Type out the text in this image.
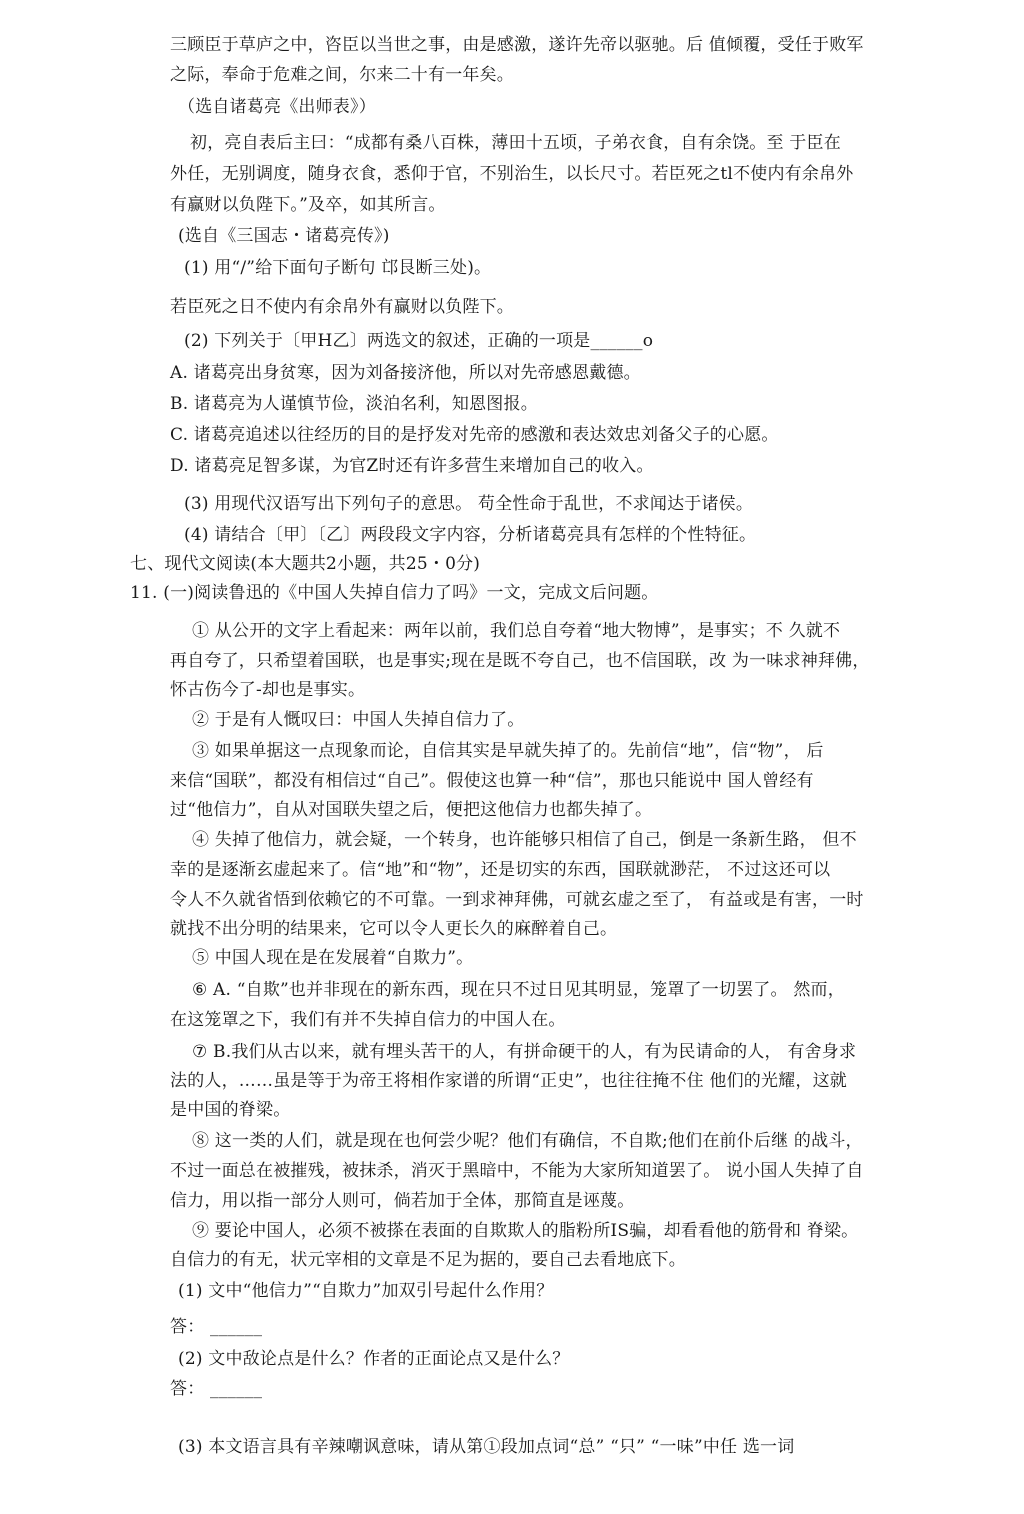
三顾臣于草庐之中，咨臣以当世之事，由是感激，遂许先帝以驱驰。后 值倾覆，受任于败军
之际，奉命于危难之间，尔来二十有一年矣。
（选自诸葛亮《出师表》）
初，亮自表后主曰：“成都有桑八百株，薄田十五顷，子弟衣食，自有余饶。至 于臣在
外任，无别调度，随身衣食，悉仰于官，不别治生，以长尺寸。若臣死之tl不使内有余帛外
有赢财以负陛下。”及卒，如其所言。
(选自《三国志・诸葛亮传》)
(1) 用“/”给下面句子断句 邙艮断三处)。
若臣死之日不使内有余帛外有赢财以负陛下。
(2) 下列关于〔甲H乙〕两选文的叙述，正确的一项是______o
A. 诸葛亮出身贫寒，因为刘备接济他，所以对先帝感恩戴德。
B. 诸葛亮为人谨慎节俭，淡泊名利，知恩图报。
C. 诸葛亮追述以往经历的目的是抒发对先帝的感激和表达效忠刘备父子的心愿。
D. 诸葛亮足智多谋，为官Z时还有许多营生来增加自己的收入。
(3) 用现代汉语写出下列句子的意思。 苟全性命于乱世，不求闻达于诸侯。
(4) 请结合〔甲〕〔乙〕两段段文字内容，分析诸葛亮具有怎样的个性特征。
七、现代文阅读(本大题共2小题，共25・0分)
11. (一)阅读鲁迅的《中国人失掉自信力了吗》一文，完成文后问题。
① 从公开的文字上看起来：两年以前，我们总自夸着“地大物博”，是事实；不 久就不
再自夸了，只希望着国联，也是事实;现在是既不夸自己，也不信国联，改 为一味求神拜佛，
怀古伤今了-却也是事实。
② 于是有人慨叹曰：中国人失掉自信力了。
③ 如果单据这一点现象而论，自信其实是早就失掉了的。先前信“地”，信“物”， 后
来信“国联”，都没有相信过“自己”。假使这也算一种“信”，那也只能说中 国人曾经有
过“他信力”，自从对国联失望之后，便把这他信力也都失掉了。
④ 失掉了他信力，就会疑，一个转身，也许能够只相信了自己，倒是一条新生路， 但不
幸的是逐渐玄虚起来了。信“地”和“物”，还是切实的东西，国联就渺茫， 不过这还可以
令人不久就省悟到依赖它的不可靠。一到求神拜佛，可就玄虚之至了， 有益或是有害，一时
就找不出分明的结果来，它可以令人更长久的麻醉着自己。
⑤ 中国人现在是在发展着“自欺力”。
⑥ A. “自欺”也并非现在的新东西，现在只不过日见其明显，笼罩了一切罢了。 然而，
在这笼罩之下，我们有并不失掉自信力的中国人在。
⑦ B.我们从古以来，就有埋头苦干的人，有拼命硬干的人，有为民请命的人， 有舍身求
法的人，……虽是等于为帝王将相作家谱的所谓“正史”，也往往掩不住 他们的光耀，这就
是中国的脊梁。
⑧ 这一类的人们，就是现在也何尝少呢？他们有确信，不自欺;他们在前仆后继 的战斗，
不过一面总在被摧残，被抹杀，消灭于黑暗中，不能为大家所知道罢了。 说小国人失掉了自
信力，用以指一部分人则可，倘若加于全体，那简直是诬蔑。
⑨ 要论中国人，必须不被搽在表面的自欺欺人的脂粉所IS骗，却看看他的筋骨和 脊梁。
自信力的有无，状元宰相的文章是不足为据的，要自己去看地底下。
(1) 文中“他信力”“自欺力”加双引号起什么作用？
答： ______
(2) 文中敌论点是什么？作者的正面论点又是什么？
答： ______
(3) 本文语言具有辛辣嘲讽意味，请从第①段加点词“总” “只” “一味”中任 选一词
